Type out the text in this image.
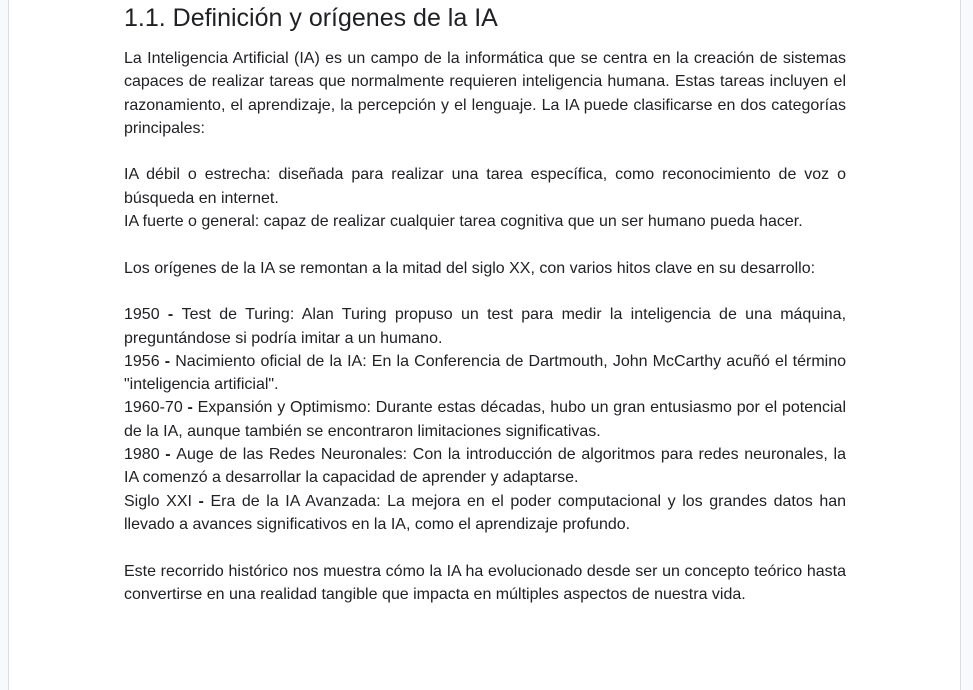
1.1. Definición y orígenes de la IA

La Inteligencia Artificial (IA) es un campo de la informática que se centra en la creación de sistemas capaces de realizar tareas que normalmente requieren inteligencia humana. Estas tareas incluyen el razonamiento, el aprendizaje, la percepción y el lenguaje. La IA puede clasificarse en dos categorías principales:

IA débil o estrecha: diseñada para realizar una tarea específica, como reconocimiento de voz o búsqueda en internet.

IA fuerte o general: capaz de realizar cualquier tarea cognitiva que un ser humano pueda hacer.

Los orígenes de la IA se remontan a la mitad del siglo XX, con varios hitos clave en su desarrollo:

1950 - Test de Turing: Alan Turing propuso un test para medir la inteligencia de una máquina, preguntándose si podría imitar a un humano.

1956 - Nacimiento oficial de la IA: En la Conferencia de Dartmouth, John McCarthy acuñó el término "inteligencia artificial".

1960-70 - Expansión y Optimismo: Durante estas décadas, hubo un gran entusiasmo por el potencial de la IA, aunque también se encontraron limitaciones significativas.

1980 - Auge de las Redes Neuronales: Con la introducción de algoritmos para redes neuronales, la IA comenzó a desarrollar la capacidad de aprender y adaptarse.

Siglo XXI - Era de la IA Avanzada: La mejora en el poder computacional y los grandes datos han llevado a avances significativos en la IA, como el aprendizaje profundo.

Este recorrido histórico nos muestra cómo la IA ha evolucionado desde ser un concepto teórico hasta convertirse en una realidad tangible que impacta en múltiples aspectos de nuestra vida.
